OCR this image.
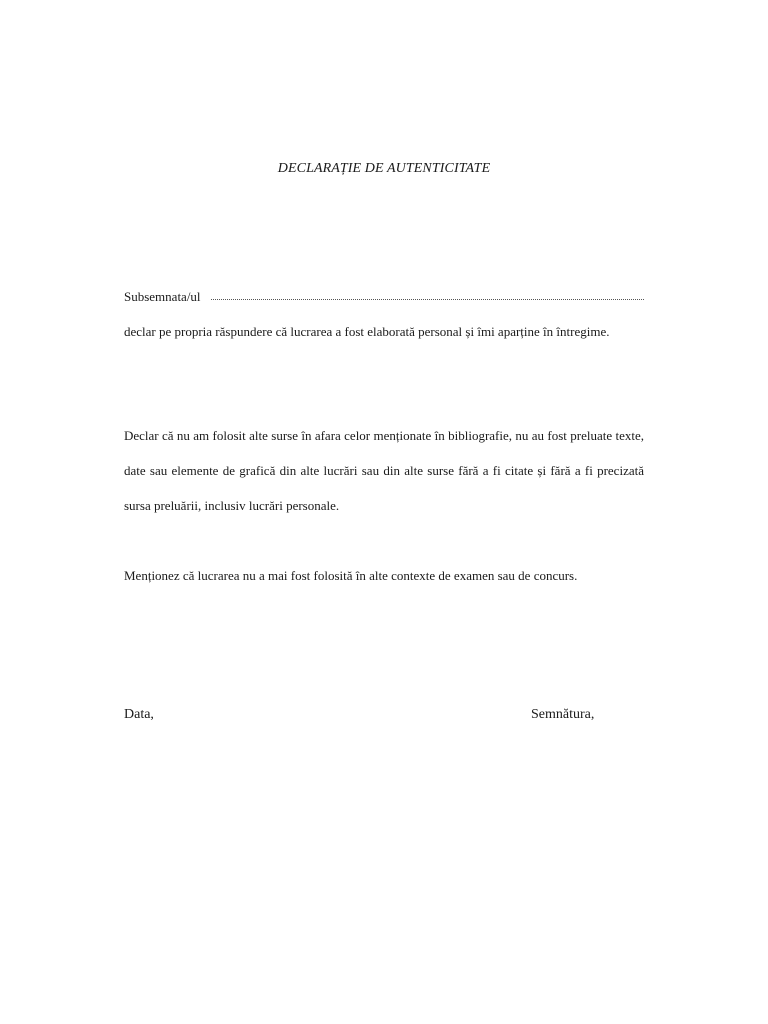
DECLARAȚIE DE AUTENTICITATE
Subsemnata/ul
declar pe propria răspundere că lucrarea a fost elaborată personal și îmi aparține în întregime.
Declar că nu am folosit alte surse în afara celor menționate în bibliografie, nu au fost preluate texte, date sau elemente de grafică din alte lucrări sau din alte surse fără a fi citate și fără a fi precizată sursa preluării, inclusiv lucrări personale.
Menționez că lucrarea nu a mai fost folosită în alte contexte de examen sau de concurs.
Data,	Semnătura,
